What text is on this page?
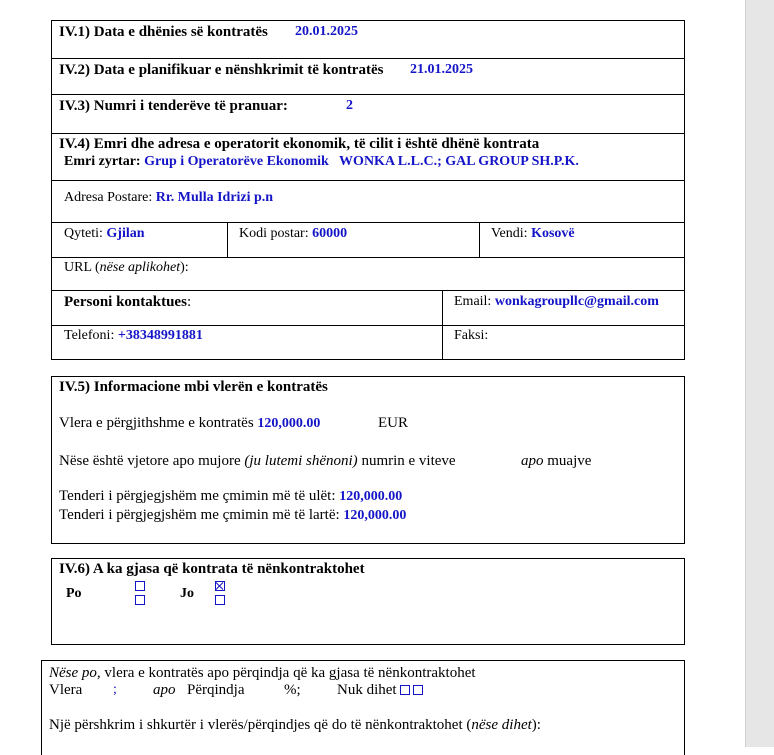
IV.1) Data e dhënies së kontratës 20.01.2025
IV.2) Data e planifikuar e nënshkrimit të kontratës 21.01.2025
IV.3) Numri i tenderëve të pranuar:	2
IV.4) Emri dhe adresa e operatorit ekonomik, të cilit i është dhënë kontrata
Emri zyrtar: Grup i Operatorëve Ekonomik   WONKA L.L.C.; GAL GROUP SH.P.K.
Adresa Postare: Rr. Mulla Idrizi p.n
Qyteti: Gjilan	Kodi postar: 60000	Vendi: Kosovë
URL (nëse aplikohet):
Personi kontaktues:	Email: wonkagroupllc@gmail.com
Telefoni: +38348991881	Faksi:
IV.5) Informacione mbi vlerën e kontratës
Vlera e përgjithshme e kontratës 120,000.00	EUR
Nëse është vjetore apo mujore (ju lutemi shënoni) numrin e viteve	apo muajve
Tenderi i përgjegjshëm me çmimin më të ulët: 120,000.00
Tenderi i përgjegjshëm me çmimin më të lartë: 120,000.00
IV.6) A ka gjasa që kontrata të nënkontraktohet
Po	Jo
Nëse po, vlera e kontratës apo përqindja që ka gjasa të nënkontraktohet
Vlera ; apo Përqindja	%; Nuk dihet
Një përshkrim i shkurtër i vlerës/përqindjes që do të nënkontraktohet (nëse dihet):
